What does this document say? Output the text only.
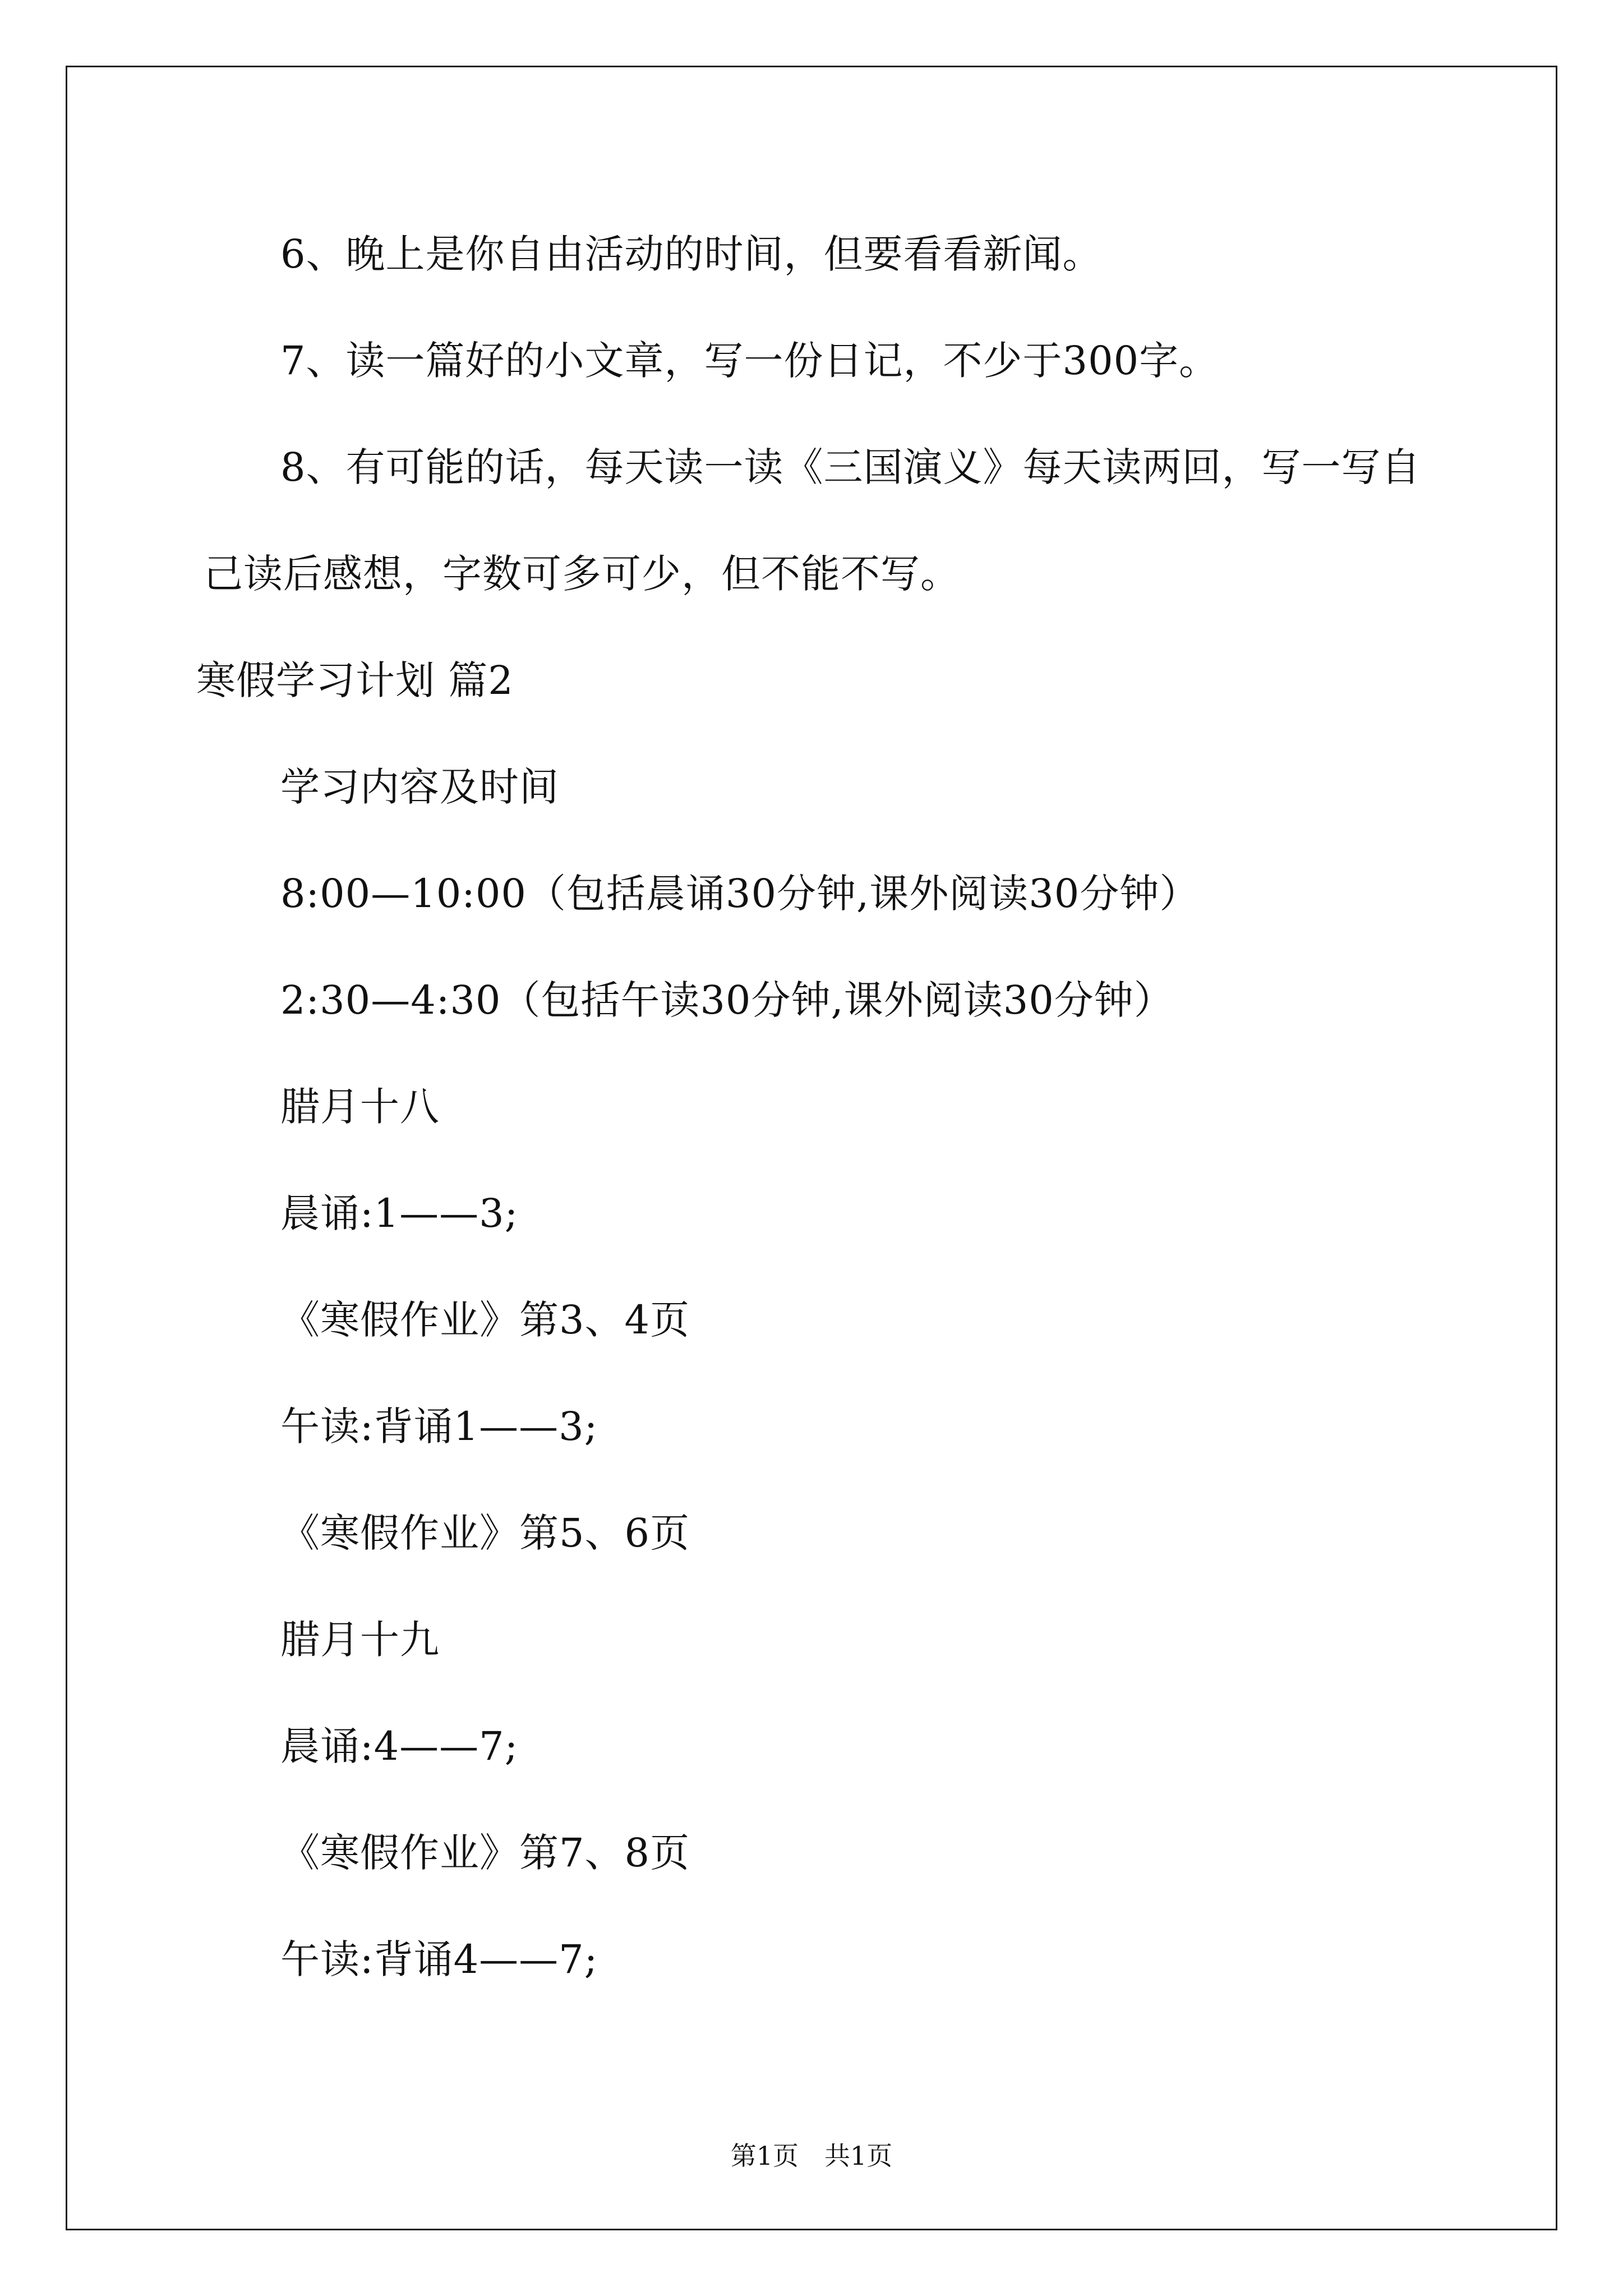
6、晚上是你自由活动的时间，但要看看新闻。
7、读一篇好的小文章，写一份日记，不少于300字。
8、有可能的话，每天读一读《三国演义》每天读两回，写一写自
己读后感想，字数可多可少，但不能不写。
寒假学习计划 篇2
学习内容及时间
8:00—10:00（包括晨诵30分钟,课外阅读30分钟）
2:30—4:30（包括午读30分钟,课外阅读30分钟）
腊月十八
晨诵:1——3;
《寒假作业》第3、4页
午读:背诵1——3;
《寒假作业》第5、6页
腊月十九
晨诵:4——7;
《寒假作业》第7、8页
午读:背诵4——7;
第1页　共1页
